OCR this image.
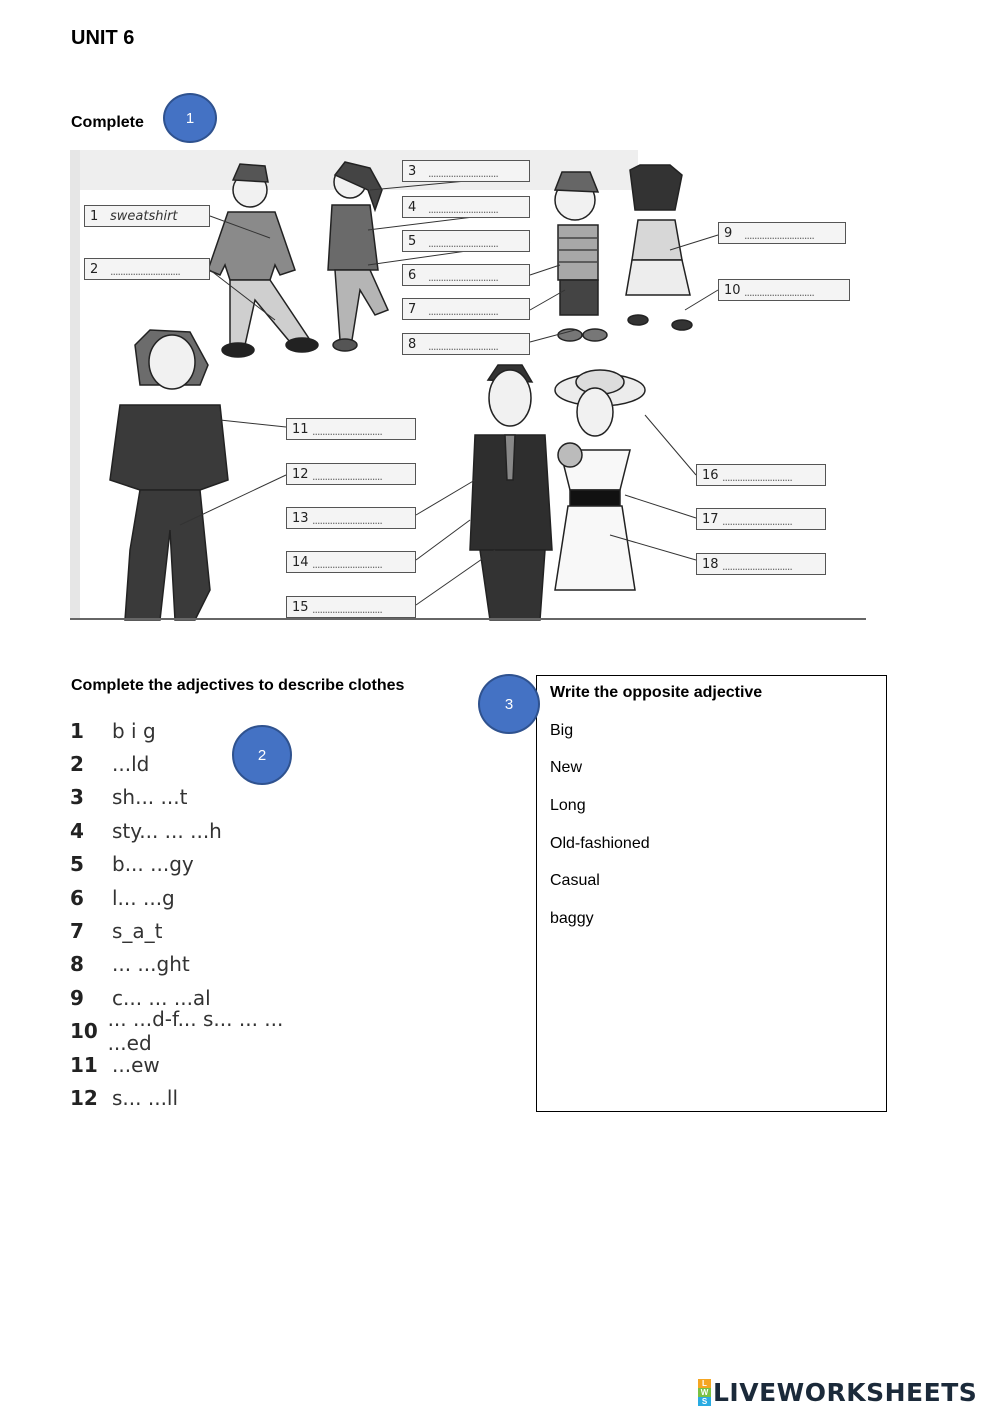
UNIT 6
Complete	1
1 sweatshirt
2	............................
3	............................
4	............................
5	............................
6	............................
7	............................
8	............................
9	............................
10 ............................
11 ............................
12 ............................
13 ............................
14 ............................
15 ............................
16 ............................
17 ............................
18 ............................
Complete the adjectives to describe clothes
2
1	b i g
2	...ld
3	sh... ...t
4	sty... ... ...h
5	b... ...gy
6	l... ...g
7	s_a_t
8	... ...ght
9	c... ... ...al
10 ... ...d-f... s... ... ... ...ed
11 ...ew
12 s... ...ll
3
Write the opposite adjective
Big
New
Long
Old-fashioned
Casual
baggy
L
W
S LIVEWORKSHEETS
